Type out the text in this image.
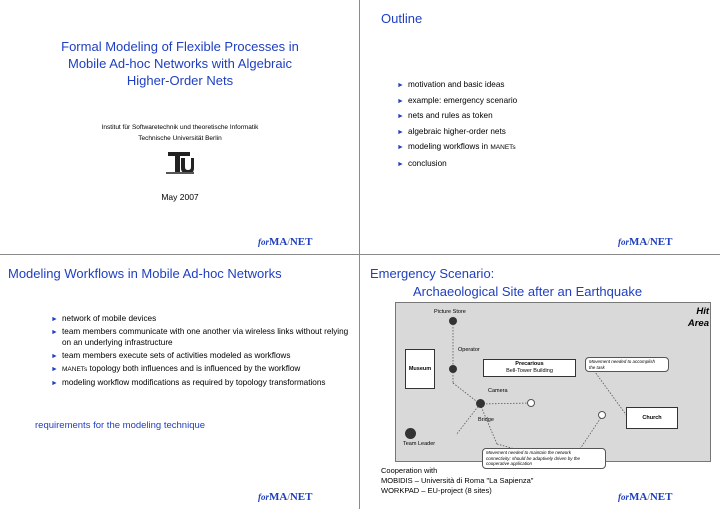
Formal Modeling of Flexible Processes in
Mobile Ad-hoc Networks with Algebraic
Higher-Order Nets
Institut für Softwaretechnik und theoretische Informatik
Technische Universität Berlin
May 2007
forMA/NET
Outline
► motivation and basic ideas
► example: emergency scenario
► nets and rules as token
► algebraic higher-order nets
► modeling workflows in MANETs
► conclusion
forMA/NET
Modeling Workflows in Mobile Ad-hoc Networks
► network of mobile devices
► team members communicate with one another via wireless links without relying on an underlying infrastructure
► team members execute sets of activities modeled as workflows
► MANETs topology both influences and is influenced by the workflow
► modeling workflow modifications as required by topology transformations
requirements for the modeling technique
forMA/NET
Emergency Scenario:
Archaeological Site after an Earthquake
Hit
Area
Picture Store
Operator
Museum
Precarious
Bell-Tower Building
Movement needed to accomplish
the task
Camera
Church
Bridge
Team Leader
Movement needed to maintain the network
connectivity: should be adaptively driven by the
cooperative application
Cooperation with
MOBIDIS – Università di Roma "La Sapienza"
WORKPAD – EU-project (8 sites)
forMA/NET
